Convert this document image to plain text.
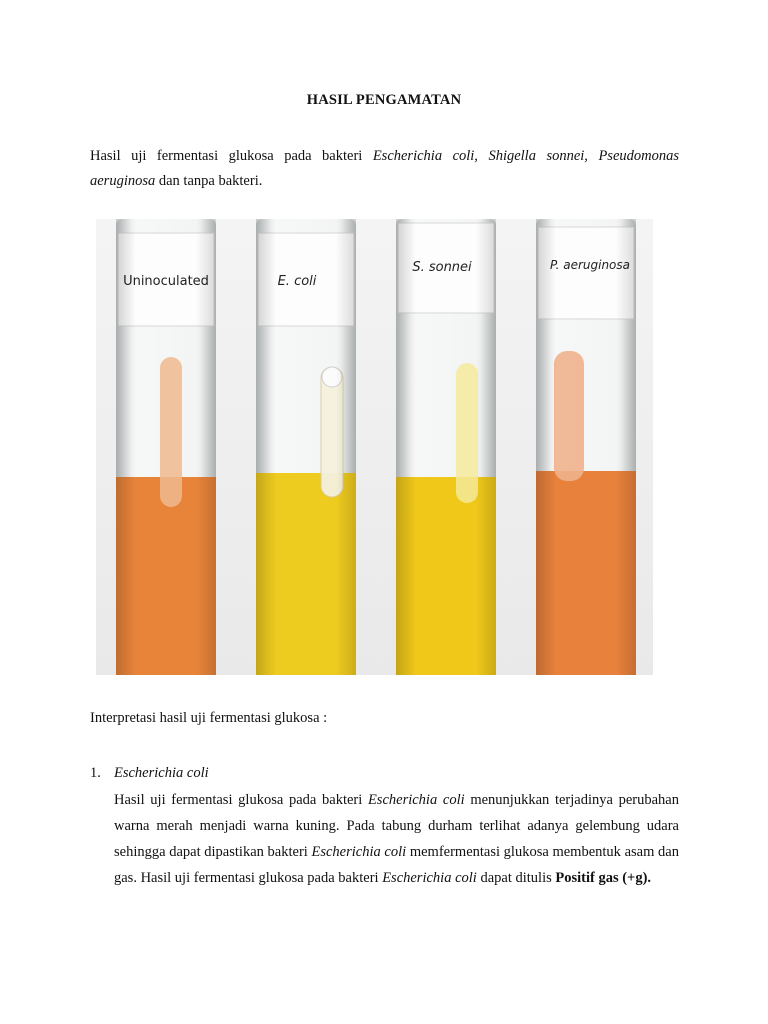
HASIL PENGAMATAN
Hasil uji fermentasi glukosa pada bakteri Escherichia coli, Shigella sonnei, Pseudomonas aeruginosa dan tanpa bakteri.
Interpretasi hasil uji fermentasi glukosa :
1. Escherichia coli
Hasil uji fermentasi glukosa pada bakteri Escherichia coli menunjukkan terjadinya perubahan warna merah menjadi warna kuning. Pada tabung durham terlihat adanya gelembung udara sehingga dapat dipastikan bakteri Escherichia coli memfermentasi glukosa membentuk asam dan gas. Hasil uji fermentasi glukosa pada bakteri Escherichia coli dapat ditulis Positif gas (+g).
